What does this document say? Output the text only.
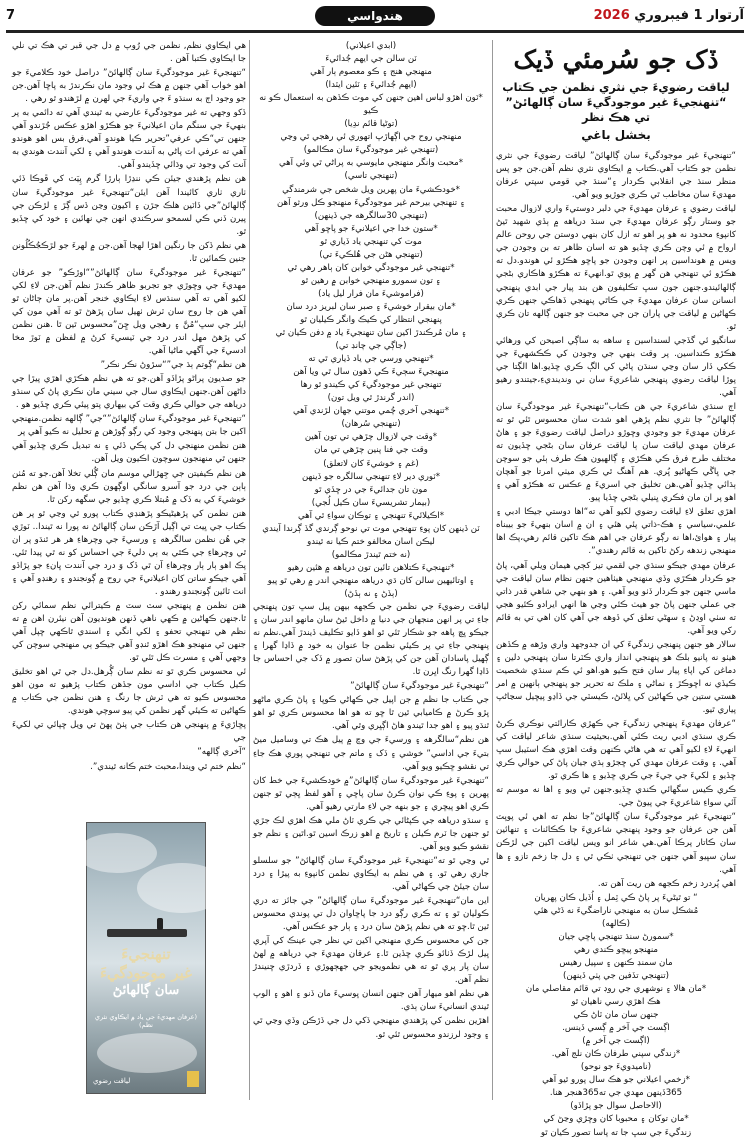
7	هندواسي	آرتوار 1 فيبروري 2026
ڏک جو سُرمئي ڏيک
لياقت رضويءَ جي نثري نظمن جي ڪتاب “تنهنجيءَ غير موجودگيءَ سان ڳالهائڻ” تي هڪ نظر
بخشل باغي

“تنهنجيءَ غير موجودگيءَ سان ڳالهائڻ” لياقت رضويءَ جي نثري نظمن جو ڪتاب آهي.ڪتاب ۾ ايڪاوي نثري نظم آهن.جن جو پس منظر سنڌ جي انقلابي ڪردار ۽“سنڌ جي قومي سپتي عرفان مهديءَ سان مخاطب ٿي ڪري جوڙيو ويو آهي.

لياقت رضوي ۽ عرفان مهديءَ جي دلبر دوستيءَ واري لازوال محبت جو وستار رڳو عرفان مهديءَ جي سنڌ درياهه ۾ ٻڏي شهيد ٿيڻ کانپوءِ محدود نه هو پر اهو ته ازل کان بنهي دوستن جي روحن عالم ارواح ۾ ئي وچن ڪري ڇڏيو هو ته اسان ظاهر ته بن وجودن جي ويس ۾ هونداسين پر انهن وجودن جو پاڇو هڪڙو ئي هوندو.دل ته هڪڙو ئي تنهنجي هن گهر ۾ پوي ٿو.انهيءَ ته هڪڙو هاڪاري بڻجي ڳالهائيندو.جنهن جون سڀ تڪليفون هن بند پيار جي ابدي پنهنجي انسانن سان عرفان مهديءَ جي ڪاٿي پنهنجي ڏهاڪي جنهن ڪري ڪهاڻين ۾ لياقت جي پاران جن جي محبت جو جنهن ڳالهه تان ڪري ٿو.

سانگيو ئي گڏجي لسنداسين ۽ ساهه به ساڳي اصيحن کي ورهائي هڪڙو ڪنداسين. پر وقت بنهي جي وجودن کي ڪڪشهيءَ جي ڪکي ڏار سان وڃي سنڌن پاڻي کي الڳ ڪري ڇڏيو.اها الڳتا جي پوڙا لياقت رضوي پنهنجي شاعريءَ سان ني وندينديءِ،جيتندو رهيو آهي.

اڄ سنڌي شاعريءَ جي هن ڪتاب“تنهنجيءَ غير موجودگيءَ سان ڳالهائڻ” جا نثري نظم پڙهي اهو شدت سان محسوس ٿئي ٿو ته عرفان مهديءَ جو وجودي وڇوڙو دراصل لياقت رضويءَ جو ۽ هاڻ عرفان مهدي لياقت سان ٻا لياقت عرفان سان بڻجي ڇڏيون ته مختلف طرح فرق ڪي هڪڙي ۽ ڳالهيون هڪ طرف ٻئي جو سوچن جي ڀاڱي ڪهاڻيو ڀُري. هم آهنگ ٿي ڪري ميٺي امرتا جو آهچان ٻڌائي ڇڏيو آهي.هن تخليق جي اسريءَ ۾ عڪس ته هڪڙو آهي ۽ اهو پر ان مان فڪري ڀنيلي بڻجي ڇڏيا پيو.

اهڙي تعلق لاءِ لياقت رضوي لکيو آهي ته“اها دوستي جيڪا ادبي ۽ علمي،سياسي ۽ هڪ-ذاتي پئي هئي ۽ ان ۾ اسان بنهيءَ جو بيبناه پيار ۽ هوائ،اها نه رڳو عرفان جي اهم هڪ تاکين قائم رهي،پڪ اها منهنجي زندهه رکڻ تاکين به قائم رهندي”.

عرفان مهدي جيڪو سنڌي جي لقمي تيز کڄي هيمان ويلي آهي، پاڻ جو ڪردار هڪڙي وڏي منهنجي هيٺاهين جنهن نظام سان لياقت جي ماسي جنهن جو ڪردار ڏٺو ويو آهي. ۽ هو بنهي جي شاهي قدر ذاتي جي عملي جنهن پاڻ جو هيٺ ڪئي وڃي ها انهي ايرادو ڪئيو هجي ته سٺي اوڍڻ ۽ سهڻي تعلق کي ڏوهه جي آهي کان اهي تي به قائم رکي ويو آهي.

سالار هو جنهن پنهنجي زندگيءَ کي ان جدوجهد واري وڙهه ۾ ڪڏهن هيٺو نه پانيو بلڪ هو پنهنجي انداز واري ڪٽرتا سان پنهنجي دلين ۽ دماغن کي اپاءِ پيار سان فتح ڪيو هو.اهو ئي ڪم سنڌي شخصيت ڪيڏي نه اڇوڪڙ ۽ نماڻي ۽ ملڪ ته تحرير جو پنهنجي ٻانهين ۾ امر هستي ستين جي ڪهاڻين کي ڀلائڻ، ڪيسٽي جي ڏاڍو پيڇيل سڃاڻپ پياري ٿيو.

“عرفان مهديءَ پنهنجي زندگيءَ جي ڪهڙي ڪارائتي نوڪري ڪرڻ ڪري سنڌي ادبي ريت ڪئي آهي.بحيثيت سنڌي شاعر لياقت کي انهيءَ لاءِ لکيو آهي ته هي هاڻي ڪنهن وقت اهڙي هڪ اسٽيبل سڀ آهي. ۽ وقت عرفان مهدي کي ڇجڙو ٻڌي جيان پاڻ کي حوالي ڪري ڇڏيو ۽ لکيءَ جي جيءَ جي ڪري ڇڏيو ۽ ها ڪري ٿو.

ڪري ڪيس سگهائي ڪندي ڇڏيو.جنهن ٿي ويو ۽ اها نه موسم ته آئي سواءِ شاعريءَ جي پيوڻ جي.

“تنهنجيءَ غير موجودگيءَ سان ڳالهائڻ”جا نظم ته اهي ئي پوپٽ آهن جن عرفان جو وجود پنهنجي شاعريءَ جا ڪڪائنات ۽ تنهائين سان ڪاتار پرڪا آهي.هي شاعر انو ويس لياقت اکين جي لڙڪن سان سڀيو آهي جنهن جي تنهنجي ٺڪي ٿي ۽ دل جا زخم تازو ۽ ها آهي.

اهي پُردرد زخم ڪجهه هن ريت آهن ته.

“ تو ٿيڻيءَ پر پاڻ ڪي ٽِمل ۽ اُڏيل ڪان پهريان

مُشڪل سان به منهنجي ناراضگيءَ نه ڏڻي هئي

(ڪالهه)

*سمورڻ سنڌ تنهنجي پاڇي جيان

منهنجو پيڇو ڪندي رهي

مان سمنڊ ڪنهن ۽ سپيل رهيس

(تنهنجي تڏفين جي پٺي ڏينهن)

*مان هالا ۽ نوشهري جي روڊ تي قائم مقاصلي مان

هڪ اهڙي رسي ناهيان ٿو

جنهن سان مان ٽاڻ ڪي

اڳست جي آخر ۾ ڳسي ڏينس.

(اڳست جي آخر ۾)

*زندگي سپني طرفان ڪان نلج آهي.

(ناميدويءَ جو نوحو)

*زخمي اعيلاني جو هڪ سال پورو ٿيو آهي

365ڏينهن مهدي جي ته365هنجر هنا.

(الاحاصل سوال جو پڙاڏو)

*مان توکان ۽ محبوبا کان وڇڙي وڃڻ کي

زندگيءَ جي سڀ جا ته پاسا تصور ڪيان ٿو

(ابدي اعيلاني)

ٽن سالن جي ايهم جُدائيءَ

منهنجي هنج ۽ ڪو معصوم ٻار آهي

(ايهم جُدائيءَ ۽ ٽئين ايٽدا)

*ٽون اهڙو لباس اهين جنهن کي موت ڪڏهن به استعمال ڪو نه ڪيو

(توڻيا قائم ندِيا)

منهنجي روح جي اڳهاڙپ اتهوري ئي رهجي ٿي وڃي

(تنهنجي غير موجودگيءَ سان مڪالمو)

*محبت وانگر منهنجي مايوسي به پراڻي ٿي وئي آهي

(تنهنجي تاسي)

*خودڪشيءَ مان پهرين ويل شخص جي شرمندگي

۽ تنهنجي بيرحم غير موجودگيءَ منهنجو ڪل ورثو آهن

(تنهنجي 30سالگرهه جي ڏينهن)

*ستون خدا جي اعيلانيءَ جو پاڇو آهي

موت کي تنهنجي ياد ڏياري ٿو

(تنهنجي هڻن جي هُلڪيءَ تي)

*تنهنجي غير موجودگي خوابن کان ٻاهر رهي ٿي

۽ تون سمورو منهنجي خوابن ۾ رهين ٿو

(فراموشيءَ مان فرار ليل ياد)

*مان بيقرار خوشيءَ ۽ صبر سان لبريز درد سان

پنهنجي انتظار کي ڪيڪ وانگر ڪيليان ٿو

۽ مان مُرڪندڙ اکين سان تنهنجيءَ ياد ۾ دفن ڪيان ٿي

(جاڳي جي چانڊ تي)

*تنهنجي ورسي جي ياد ڏياري ٿي ته

منهنجيءَ سڄيءَ ڪي ڏهون سال ٿي ويا آهن

تنهنجي غير موجودگيءَ کي ڪيندو ٿو رها

(اندر گرندڙ ٿي ويل تون)

*تنهنجي آخري چُمي موتني جهان لڙندي آهي

(تنهنجي سُرهان)

*وقت جي لازوال چڙهي تي تون آهين

وقت جي فنا پنين چڙهي تي مان

(غم ۽ خوشيءَ کان لاتعلق)

*ٽوري دير لاءِ تنهنجي سالگره جو ڏينهن

مون تان جدائيءَ جي در ڇڏي ٿو

(بيمار تشريسيءَ سان ڪيل لُجي)

*اڪيلائيءَ تنهنجي ۽ توڪان سواءِ ٿي آهي

ٽن ڏينهن کان پوءِ تنهنجي موت تي نوحو ڳرندي گڏ ڳرندا آيندي

ليڪن اسان مخالفو ختم ڪيا نه ٿيندو

(نه ختم ٿيندڙ مڪالمو)

*تنهنجيءَ ڪتلاهن تائين تون درياهه ۾ هئين رهيو

۽ اوتائيهين سالن کان ڌي درياهه منهنجي اندر ۾ رهي ٿو پيو

(ٻڏڻ ۽ نه ٻڏڻ)

لياقت رضويءَ جي نظمن جي ڪجهه بيهن پيل سڀ تون پنهنجي جاءِ تي پر انهن منجهان جي دنيا ۾ داخل ٿيڻ سان مانهو اندر سان ۽ جيڪو ڀچ پاهه جو شڪار ٿئي ٿو اهو ڏايو تڪليف ڏيندڙ آهي.نظم نه پنهنجي جاءِ تي پر ڪيئي نظمن جا عنوان به خود ۾ ڏاڍا گهرا ۽ ڳهيل پاسادان آهن جن کي پڙهڻ سان تصور ۾ ڏک جي احساس جا ڏاڍا گهرا رنگ اڀرن ٿا.

“تنهنجيءَ غير موجودگيءَ سان ڳالهائڻ”

جي ڪتاب جا نظم ۾ جن اپيل جي ڪهاڻي ڪوپا ۽ پاڻ ڪري ماڻهو ڀڙو ڪرڻ ۾ ڪاميابي ٿين ٿا ڇو ته هو اها محسوس ڪري ٿو اهو ٿنڌو پيو ۽ اهو جدا ٿيندو هاڻ اڳڀري وٿي آهي.

هن نظم“سالگرهه ۽ ورسيءَ جي وچ ۾ پيل هڪ تي وساميل ميڻ بتيءَ جي اداسي” خوشي ۽ ڏک ۽ ماتم جي تنهنجي پوري هڪ جاءِ تي نقشو ڇڪيو ويو آهي.

“تنهنجيءَ غير موجودگيءَ سان ڳالهائڻ”۾ خودڪشيءَ جي خط کان پهرين ۽ پوءِ ڪي نوان ڪرڻ سان پاڇي ۽ آهو لفظ ڀڄي ٿو جنهن ڪري اهو پيڇري ۽ جو بنهه جي لاءِ مارتي رهيو آهي.

۽ سنڌو درياهه جي ڪپڻائي جي ڪري ٽاڻ ملي هڪ اهڙي لڪ جڙي ٿو جنهن جا ٽرم ڪيلن ۽ تاريخ ۾ اهو زرڪ اسين ٿو.اٿين ۽ نظم جو نقشو ڪيو ويو آهي.

ٿي وڃي ٿو ته“تنهنجيءَ غير موجودگيءَ سان ڳالهائڻ” جو سلسلو جاري رهي ٿو. ۽ هي نظم به ايڪاوي نظمن کانپوءِ به پيڙا ۽ درد سان جيئڻ جي ڪهاڻي آهي.

اين مان“تنهنجيءَ غير موجودگيءَ سان ڳالهائڻ” جي جائز ته دري ڪوليان ٿو ۽ ته ڪري رڳو درد جا پاڇاوان دل تي پوندي محسوس ٿين ٿا.ڇو ته هي نظم پڙهڻ سان درد ۽ ٻار جو عڪس آهي.

جن کي محسوس ڪري منهنجي اکين تي نظر جي عينڪ کي آپري ڀيل لڙڪ ڏٺائو ڪري ڇڏين ٿا.۽ عرفان مهديءَ جي درياهه ۾ لهڻ سان پار پري ٿو ته هي نظمويجو جي جهڄهوڙي ۽ ڏردڙي ڇنيندڙ نظم آهن.

هي نظم اهو ميهار آهن جنهن انسان ڀوسيءَ مان ڏنو ۽ اهو ۽ الوپ ٿيندي انسانيءَ سان ٻڌي.

اهڙين نظمن کي پڙهندي منهنجي ڏکي دل جي ڏڙڪن وڏي وڃي ٿي ۽ وجود لرزندو محسوس ٿئي ٿو.

هي ايڪاوي نظم, نظمن جي رُوپ ۾ دل جي قبر تي هڪ تي نلي جا ايڪاوي ڪتبا آهن .

“تنهنجيءَ غير موجودگيءَ سان ڳالهائڻ” دراصل خود ڪلاميءَ جو اهو خواب آهي جنهن ۾ هڪ ئي وجود مان نڪرندڙ به پاڇا آهن.جن جو وجود اڄ به سنڌو ءَ جي واريءَ جي لهرن ۾ لڙهندو ٿو رهي .

ڏکو وجهي ته غير موجودگيءَ عارضي به ٿيندي آهي ته دائمي به پر بنهيءَ جي سنگم مان اعيلانيءَ جو هڪڙو اهڙو عڪس جُڙندو آهي جنهن تي“ڪي عرفي”تحرير ڪيا هوندو آهي.فرق بس اهو هوندو آهي ته عرفي اٽ پاڻي به آنندت هوندو آهي ۽ لکي آنندت هوندي به آنت کي وجود تي وڌائي ڇڏيندو آهي.

هن نظم پڙهندي جيئن ڪي ننڍڙا ٻارڙا گرم پِيَت کي ڦوڪا ڏئي ٺاري ٺاري کائيندا آهن ايئن“تنهنجيءَ غير موجودگيءَ سان ڳالهائڻ”جي ڏاٽين هلڪ جڙن ۽ اکيون وڃن ڏس ڳڙ ۽ لڙڪن جي پيرن ڏني ڪي لسمحو سرڪندي انهن جي نهائين ۽ خود کي ڇڏيو ٿو.

هي نظم ڏکن جا رنگين اهڙا لهجا آهن.جن ۾ لهرءَ جو لڙڪجُڪُلُونن جنين ڪمائين ٿا.

“تنهنجيءَ غير موجودگيءَ سان ڳالهائڻ”“اوڙڪو” جو عرفان مهديءَ جي وڇوڙي جو تجربو ظاهر ڪندڙ نظم آهن.جن لاءِ لکي لکيو آهي ته آهي سنڌس لاءِ ايڪاوي خنجر آهن.پر مان ڄاڻان ٿو آهي هن جا روح سان ٽرش ٺهيل سان پڙهڻ ٿو ته آهي مون کي ايئر جي سڀ“مُنَّ ۽ رهجي ويل ڇِنَ”محسوس ٿين ٿا .هنن نظمن کي پڙهڻ مهل اندر درد جي ٽيسيءَ کرڻ ۾ لفظن ۾ ٽوڙ مخا ادسيءَ جي آگهي ماڻيا آهي.

هن نظم“ڳوتم ٻڌ جي”“سڙوڻ نڪر نڪر”

جو صديون پراڻو پڙاڏو آهن.جو ته هي نظم هڪڙي اهڙي پيڙا جي داڻهن آهن.جنهن ايڪاوي سال جي سيني مان نڪري پاڻ کي سنڌو درياهه جي حوالي ڪري وقت کي بيهاري پتو پيئي ڪري ڇڏيو هو .

“تنهنجيءَ غير موجودگيءَ سان ڳالهائڻ”“جي” ڳالهه نظمن.منهنجي اکين جا بتن پنهنجي وجود کي رڳو ڳوڙهن ۾ تحليل نه ڪيو آهي پر

هنن نظمن منهنجي دل کي پڪي ڏئي ۽ نه تبديل ڪري ڇڏيو آهي جنهن ٿي منهنجون سوچون اڪيون ويل آهن.

هن نظم ڪيفيتن جي جِهڙالي موسم مان ڳُلي تخلا آهن.جو ته مُٺن ٻاٻن جي درد جو آسرو سانگي اوڳهون ڪري وڌا آهن هن نظم خوشيءَ کي به ڏک ۾ مُبتلا ڪري ڇڏيو جي سگهه رکن ٿا.

هنن نظمن کي پڙهيڻيڪو پڙهنڊي ڪتاب پورو ٿي وڃي ٿو پر هن ڪتاب جي ڀيت تي اڳيل آڙڪن سان ڳالهائڻ نه پورا نه ٿيندا.. ٽوڙي جي هُن نظمن سالگرهه ۽ ورسيءَ جي وچرهاءِ هر هر ٿنڌو پر ان ٿي وچرهاءِ جي ڪٿي به ٻي دليءَ جي احساس کو نه ٿي پيدا ٿئي. پڪ اهو ٻار ٻار وچرهاءِ آن ٿي ڏک وَ درد جي آنندت ڀانءِ جو پڙاڏو آهي جيڪو ساتن کان اعيلانيءَ جي روح ۾ ڳونجندو ۽ رهنڊو آهي ۽ انت ٽائين ڳونجندو رهندو .

هنن نظمن ۾ پنهنجي سٽ سٽ ۾ ڪيترائي نظم سمائي رکن ٿا.جنهن ڪهاڻين ۾ ڪهي ناهي ڏنهن هونديون آهن نيئرن اهن ۾ ته نظم هي تنهنجي تحفو ۽ لکي انگي ۽ اسندي ٿاڪهي ڇپل آهي جنهن ٿي منهنجو هڪ اهڙو ٿنڊو آهي جيڪو ٻي منهنجي سوچن کي وجهي آهي ۽ مسرت ڪل ٿئي ٿو.

ئي محسوس ڪري ٿو ته نظم سان ڳُرهل.دل جي ٿي اهو تخليق ڪيل ڪتاب جي اداسي مون جڏهن ڪتاب پڙهيو ته مون اهو محسوس ڪيو ته هي ٽرش جا رنگ ۽ هنن نظمن جي ڪتاب ۾ ڪهاڻين ته ڪيئي گهر نظمن کي ٻيو سوچي هوندي.

پڇاڙيءَ ۾ پنهنجي هن ڪتاب جي پٺڻ پهڻ تي ويل ڇپائي تي لکيءَ جي

“آخري ڳالهه”

“نظم ختم ٿي ويندا،محبت ختم ڪانه ٿيندي”.

تنهنجيءَ
غير موجودگيءَ
سان ڳالهائڻ
(عرفان مهديءَ جي ياد ۾ ايڪاوي نثري نظم)
لياقت رضوي
